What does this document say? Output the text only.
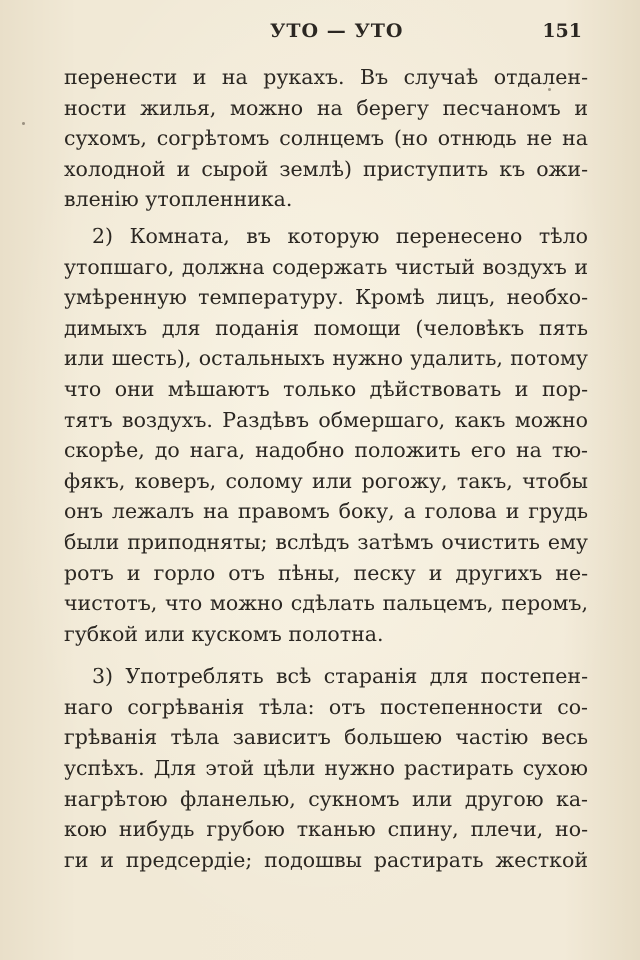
УТО — УТО	151
перенести и на рукахъ. Въ случаѣ отдален-
ности жилья, можно на берегу песчаномъ и
сухомъ, согрѣтомъ солнцемъ (но отнюдь не на
холодной и сырой землѣ) приступить къ ожи-
вленію утопленника.
2) Комната, въ которую перенесено тѣло
утопшаго, должна содержать чистый воздухъ и
умѣренную температуру. Кромѣ лицъ, необхо-
димыхъ для поданія помощи (человѣкъ пять
или шесть), остальныхъ нужно удалить, потому
что они мѣшаютъ только дѣйствовать и пор-
тятъ воздухъ. Раздѣвъ обмершаго, какъ можно
скорѣе, до нага, надобно положить его на тю-
фякъ, коверъ, солому или рогожу, такъ, чтобы
онъ лежалъ на правомъ боку, а голова и грудь
были приподняты; вслѣдъ затѣмъ очистить ему
ротъ и горло отъ пѣны, песку и другихъ не-
чистотъ, что можно сдѣлать пальцемъ, перомъ,
губкой или кускомъ полотна.
3) Употреблять всѣ старанія для постепен-
наго согрѣванія тѣла: отъ постепенности со-
грѣванія тѣла зависитъ большею частію весь
успѣхъ. Для этой цѣли нужно растирать сухою
нагрѣтою фланелью, сукномъ или другою ка-
кою нибудь грубою тканью спину, плечи, но-
ги и предсердіе; подошвы растирать жесткой
